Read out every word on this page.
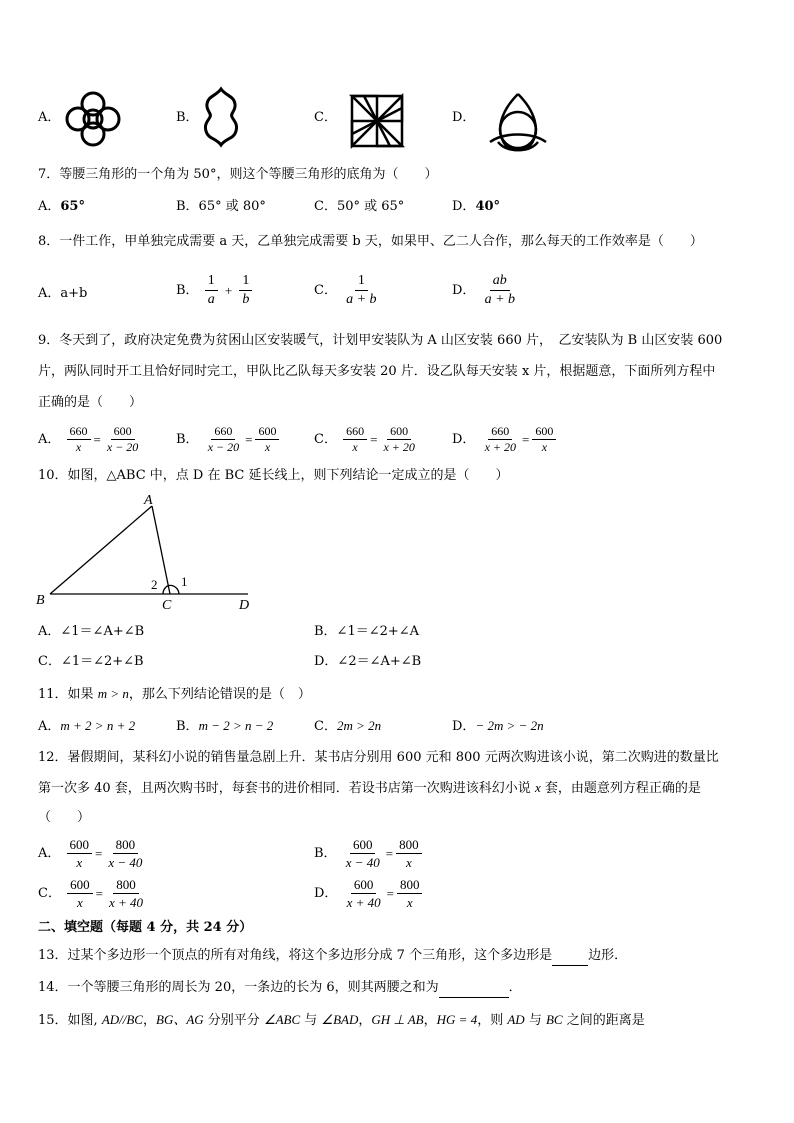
A．	B．	C．	D．
7．等腰三角形的一个角为 50°，则这个等腰三角形的底角为（　　）
A．65°	B．65° 或 80°	C．50° 或 65°	D．40°
8．一件工作，甲单独完成需要 a 天，乙单独完成需要 b 天，如果甲、乙二人合作，那么每天的工作效率是（　　）
A．a+b	B． $\frac{1}{a} + \frac{1}{b}$	C． $\frac{1}{a + b}$	D． $\frac{ab}{a + b}$
9．冬天到了，政府决定免费为贫困山区安装暖气，计划甲安装队为 A 山区安装 660 片，　乙安装队为 B 山区安装 600
片，两队同时开工且恰好同时完工，甲队比乙队每天多安装 20 片．设乙队每天安装 x 片，根据题意，下面所列方程中
正确的是（　　）
A． $\frac{660}{x} = \frac{600}{x - 20}$	B． $\frac{660}{x - 20} = \frac{600}{x}$	C． $\frac{660}{x} = \frac{600}{x + 20}$	D． $\frac{660}{x + 20} = \frac{600}{x}$
10．如图，△ABC 中，点 D 在 BC 延长线上，则下列结论一定成立的是（　　）
A
B	C	D
1
2
A．∠1＝∠A+∠B	B．∠1＝∠2+∠A
C．∠1＝∠2+∠B	D．∠2＝∠A+∠B
11．如果 m > n，那么下列结论错误的是（　）
A．m + 2 > n + 2	B．m − 2 > n − 2	C．2m > 2n	D．− 2m > − 2n
12．暑假期间，某科幻小说的销售量急剧上升．某书店分别用 600 元和 800 元两次购进该小说，第二次购进的数量比
第一次多 40 套，且两次购书时，每套书的进价相同．若设书店第一次购进该科幻小说 x 套，由题意列方程正确的是
（　　）
A． $\frac{600}{x} = \frac{800}{x - 40}$	B． $\frac{600}{x - 40} = \frac{800}{x}$
C． $\frac{600}{x} = \frac{800}{x + 40}$	D． $\frac{600}{x + 40} = \frac{800}{x}$
二、填空题（每题 4 分，共 24 分）
13．过某个多边形一个顶点的所有对角线，将这个多边形分成 7 个三角形，这个多边形是	边形．
14．一个等腰三角形的周长为 20，一条边的长为 6，则其两腰之和为	．
15．如图, AD//BC，BG、AG 分别平分 ∠ABC 与 ∠BAD，GH ⊥ AB，HG = 4，则 AD 与 BC 之间的距离是
